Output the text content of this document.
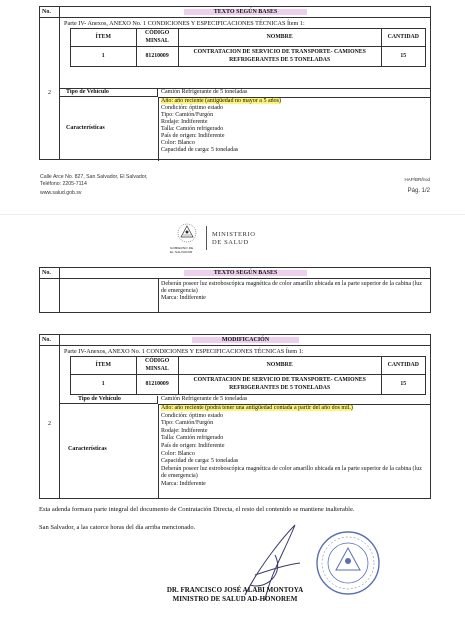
No.	TEXTO SEGÚN BASES
2
Parte IV- Anexos, ANEXO No. 1 CONDICIONES Y ESPECIFICACIONES TÉCNICAS Ítem 1:
ÍTEM	CÓDIGO MINSAL	NOMBRE	CANTIDAD
1	81210009	CONTRATACION DE SERVICIO DE TRANSPORTE- CAMIONES REFRIGERANTES DE 5 TONELADAS	15
Tipo de Vehículo	Camión Refrigerante de 5 toneladas
Características
Año: año reciente (antigüedad no mayor a 5 años)
Condición: óptimo estado
Tipo: Camión/Furgón
Rodaje: Indiferente
Talla: Camión refrigerado
País de origen: Indiferente
Color: Blanco
Capacidad de carga: 5 toneladas
Calle Arce No. 827, San Salvador, El Salvador,
Teléfono: 2205-7114
www.salud.gob.sv
HAP/BR/lrod
Pág. 1/2
GOBIERNO DE
EL SALVADOR
MINISTERIO
DE SALUD
No.	TEXTO SEGÚN BASES
Deberán poseer luz estroboscópica magnética de color amarillo ubicada en la parte superior de la cabina (luz de emergencia)
Marca: Indiferente
No.	MODIFICACIÓN
2
Parte IV-Anexos, ANEXO No. 1 CONDICIONES Y ESPECIFICACIONES TÉCNICAS Ítem 1:
ÍTEM	CÓDIGO MINSAL	NOMBRE	CANTIDAD
1	81210009	CONTRATACION DE SERVICIO DE TRANSPORTE- CAMIONES REFRIGERANTES DE 5 TONELADAS	15
Tipo de Vehículo	Camión Refrigerante de 5 toneladas
Características
Año: año reciente (podrá tener una antigüedad contada a partir del año dos mil.)
Condición: óptimo estado
Tipo: Camión/Furgón
Rodaje: Indiferente
Talla: Camión refrigerado
País de origen: Indiferente
Color: Blanco
Capacidad de carga: 5 toneladas
Deberán poseer luz estroboscópica magnética de color amarillo ubicada en la parte superior de la cabina (luz de emergencia)
Marca: Indiferente
Esta adenda formara parte integral del documento de Contratación Directa, el resto del contenido se mantiene inalterable.
San Salvador, a las catorce horas del día arriba mencionado.
DR. FRANCISCO JOSÉ ALABI MONTOYA
MINISTRO DE SALUD AD-HONOREM
